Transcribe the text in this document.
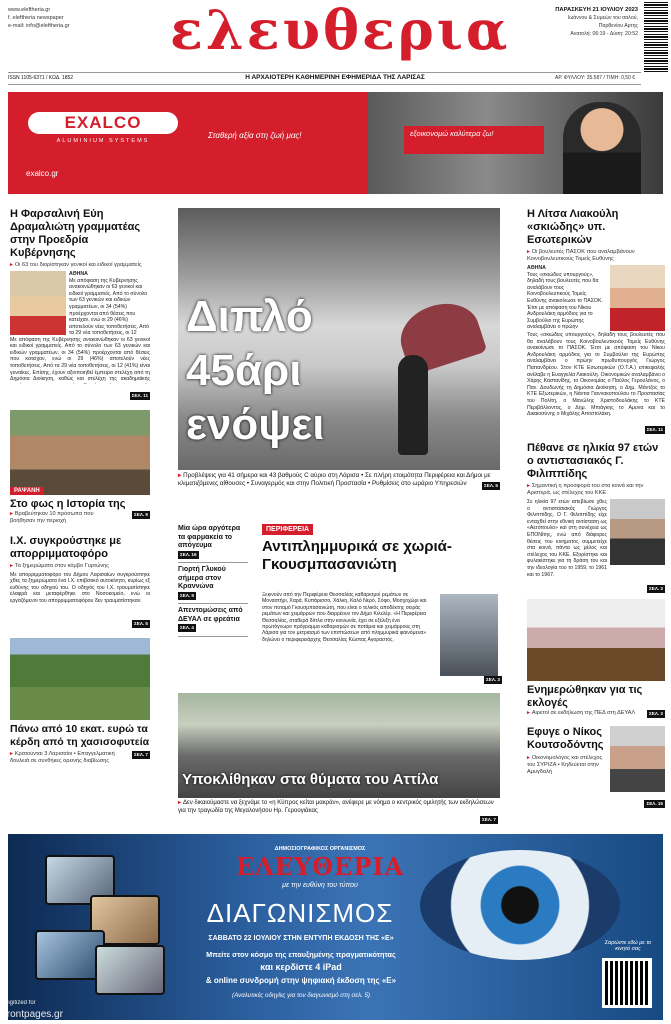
www.eleftheria.gr
f. eleftheria newspaper
e-mail: info@eleftheria.gr	ελευθερια	ΠΑΡΑΣΚΕΥΗ 21 ΙΟΥΛΙΟΥ 2023
Ιωάννου & Συμεών του σαλού,
Παρθενίου Αρτης
Ανατολή: 06:19 - Δύση: 20:52
ISSN 1105-6371 / ΚΩΔ. 1852	Η ΑΡΧΑΙΟΤΕΡΗ ΚΑΘΗΜΕΡΙΝΗ ΕΦΗΜΕΡΙΔΑ ΤΗΣ ΛΑΡΙΣΑΣ	ΑΡ. ΦΥΛΛΟΥ: 35.587 / ΤΙΜΗ: 0,50 €
EXALCO
ALUMINIUM SYSTEMS
exalco.gr
Σταθερή αξία στη ζωή μας!	εξοικονομώ καλύτερα ζω!
Η Φαρσαλινή Εύη Δραμαλιώτη γραμματέας στην Προεδρία Κυβέρνησης
▸ Οι 63 του διορίστηκαν γενικοί και ειδικοί γραμματείς
ΑΘΗΝΑ
Με απόφαση της Κυβέρνησης ανακοινώθηκαν οι 63 γενικοί και ειδικοί γραμματείς. Από το σύνολο των 63 γενικών και ειδικών γραμματέων, οι 34 (54%) προέρχονται από θέσεις που κατείχαν, ενώ οι 29 (46%) αποτελούν νέες τοποθετήσεις. Από τα 29 νέα τοποθετήσεις, οι 12
Με απόφαση της Κυβέρνησης ανακοινώθηκαν οι 63 γενικοί και ειδικοί γραμματείς. Από το σύνολο των 63 γενικών και ειδικών γραμματέων, οι 34 (54%) προέρχονται από θέσεις που κατείχαν, ενώ οι 29 (46%) αποτελούν νέες τοποθετήσεις. Από τα 29 νέα τοποθετήσεις, οι 12 (41%) είναι γυναίκες. Επίσης, έχουν αξιοποιηθεί έμπειρα στελέχη από τη Δημόσια Διοίκηση, καθώς και στελέχη της ακαδημαϊκής
ΣΕΛ. 11
ΡΑΨΑΝΗ
Στο φως η Ιστορία της
▸ Βραβεύτηκαν 10 πρόσωπα που βοήθησαν την περιοχή
ΣΕΛ. 9
Ι.Χ. συγκρούστηκε με απορριμματοφόρο
▸ Τα ξημερώματα στον κόμβο Γυρτώνης
Με απορριμματοφόρο του Δήμου Λαρισαίων συγκρούστηκε χθες τα ξημερώματα ένα Ι.Χ. επιβατικό αυτοκίνητο, κυρίως εξ ευθύνης του οδηγού του. Ο οδηγός του Ι.Χ. τραυματίστηκε ελαφρά και μεταφέρθηκε στο Νοσοκομείο, ενώ οι εργαζόμενοι του απορριμματοφόρου δεν τραυματίστηκαν.
ΣΕΛ. 5
Πάνω από 10 εκατ. ευρώ τα κέρδη από τη χασισοφυτεία
▸ Κρατούνται 3 Λαρισαίοι • Επαγγελματική δουλειά σε συνθήκες ορεινής διαβίωσης
ΣΕΛ. 7
Διπλό
45άρι
ενόψει
▸ Προβλέψεις για 41 σήμερα και 43 βαθμούς C αύριο στη Λάρισα • Σε πλήρη ετοιμότητα Περιφέρεια και Δήμοι με κλιματιζόμενες αίθουσες • Συναγερμός και στην Πολιτική Προστασία • Ρυθμίσεις στο ωράριο Υπηρεσιών	ΣΕΛ. 5
Μία ώρα αργότερα τα φαρμακεία το απόγευμα
ΣΕΛ. 16
Γιορτή Γλυκού σήμερα στον Κραννώνα
ΣΕΛ. 9
Απεντομώσεις από ΔΕΥΑΛ σε φρεάτια
ΣΕΛ. 4
ΠΕΡΙΦΕΡΕΙΑ
Αντιπλημμυρικά σε χωριά-Γκουσμπασανιώτη
Ξεκινούν από την Περιφέρεια Θεσσαλίας καθαρισμοί ρεμάτων σε Μοναστήρι, Χαρά, Κυπάρισσο, Χάλκη, Καλό Νερό, Σόφο, Μοσχοχώρι και στον ποταμό Γκουσμπασανιώτη, που είναι ο τελικός αποδέκτης σειράς ρεμάτων και χειμάρρων που διαρρέουν τον Δήμο Κιλελέρ. «Η Περιφέρεια Θεσσαλίας, σταθερά δίπλα στην κοινωνία, έχει σε εξέλιξη ένα πρωτόγνωρο πρόγραμμα καθαρισμών σε ποτάμια και χειμάρρους στη Λάρισα για τον μετριασμό των επιπτώσεων από πλημμυρικά φαινόμενα» δηλώνει ο περιφερειάρχης Θεσσαλίας Κώστας Αγοραστός.
ΣΕΛ. 3
Υποκλίθηκαν στα θύματα του Αττίλα
▸ Δεν δικαιούμαστε να ξεχνάμε το «η Κύπρος κείται μακράν», ανέφερε με νόημα ο κεντρικός ομιλητής των εκδηλώσεων για την τραγωδία της Μεγαλονήσου Ηρ. Γεροογιάκας
ΣΕΛ. 7
Η Λίτσα Λιακούλη «σκιώδης» υπ. Εσωτερικών
▸ Οι βουλευτές ΠΑΣΟΚ που αναλαμβάνουν Κοινοβουλευτικούς Τομείς Ευθύνης
ΑΘΗΝΑ
Τους «σκιώδεις υπουργούς», δηλαδή τους βουλευτές που θα αναλάβουν τους Κοινοβουλευτικούς Τομείς Ευθύνης ανακοίνωσε το ΠΑΣΟΚ. Έτσι με απόφαση του Νίκου Ανδρουλάκη αρμόδιος για το Συμβούλιο της Ευρώπης αναλαμβάνει ο πρώην
Τους «σκιώδεις υπουργούς», δηλαδή τους βουλευτές που θα αναλάβουν τους Κοινοβουλευτικούς Τομείς Ευθύνης ανακοίνωσε το ΠΑΣΟΚ. Έτσι με απόφαση του Νίκου Ανδρουλάκη αρμόδιος για το Συμβούλιο της Ευρώπης αναλαμβάνει ο πρώην πρωθυπουργός Γιώργος Παπανδρέου. Στον ΚΤΕ Εσωτερικών (Ο.Τ.Α.) επικεφαλής ανέλαβε η Ευαγγελία Λιακούλη. Οικονομικών αναλαμβάνει ο Χάρης Καστανίδης, το Οικονομίας ο Παύλος Γερουλάνος, ο Παν. Δουδωνής τη Δημόσια Διοίκηση, ο Δημ. Μάντζος το ΚΤΕ Εξωτερικών, η Νάντια Γιαννακοπούλου το Προστασίας του Πολίτη, ο Μανώλης Χριστοδουλάκης το ΚΤΕ Περιβάλλοντος, ο Δημ. Μπιάγκης το Αμυνα και το Δικαιοσύνης ο Μιχάλης Αποστολάκη.
ΣΕΛ. 11
Πέθανε σε ηλικία 97 ετών ο αντιστασιακός Γ. Φιλιππίδης
▸ Σημαντική η προσφορά του στα κοινά και την Αριστερά, ως στέλεχος του ΚΚΕ
Σε ηλικία 97 ετών απεβίωσε χθες ο αντιστασιακός Γιώργος Φιλιππίδης. Ο Γ. Φιλιππίδης είχε ενταχθεί στην εθνική αντίσταση ως «Αετόπουλο» και στη συνέχεια ως ΕΠΟΝίτης, ενώ από διάφορες θέσεις του κινήματος συμμετείχε στα κοινά, πάντα ως μέλος και στέλεχος του ΚΚΕ. Εξορίστηκε και φυλακίστηκε για τη δράση του και την ιδεολογία του το 1959, το 1961 και το 1967.
ΣΕΛ. 3
Ενημερώθηκαν για τις εκλογές
▸ Αιρετοί σε εκδήλωση της ΠΕΔ στη ΔΕΥΑΛ	ΣΕΛ. 3
Εφυγε ο Νίκος Κουτσοδόντης
▸ Οικονομολόγος και στέλεχος του ΣΥΡΙΖΑ • Κηδεύεται στην Αμυγδαλή
ΣΕΛ. 15
ΔΗΜΟΣΙΟΓΡΑΦΙΚΟΣ ΟΡΓΑΝΙΣΜΟΣ
ΕΛΕΥΘΕΡΙΑ
με την ευθύνη του τύπου
ΔΙΑΓΩΝΙΣΜΟΣ
ΣΑΒΒΑΤΟ 22 ΙΟΥΛΙΟΥ ΣΤΗΝ ΕΝΤΥΠΗ ΕΚΔΟΣΗ ΤΗΣ «Ε»
Μπείτε στον κόσμο της επαυξημένης πραγματικότητας
και κερδίστε 4 iPad
& online συνδρομή στην ψηφιακή έκδοση της «Ε»
(Αναλυτικές οδηγίες για τον διαγωνισμό στη σελ. 5)
Σαρώστε εδώ με το κινητό σας
Digitized for
frontpages.gr
